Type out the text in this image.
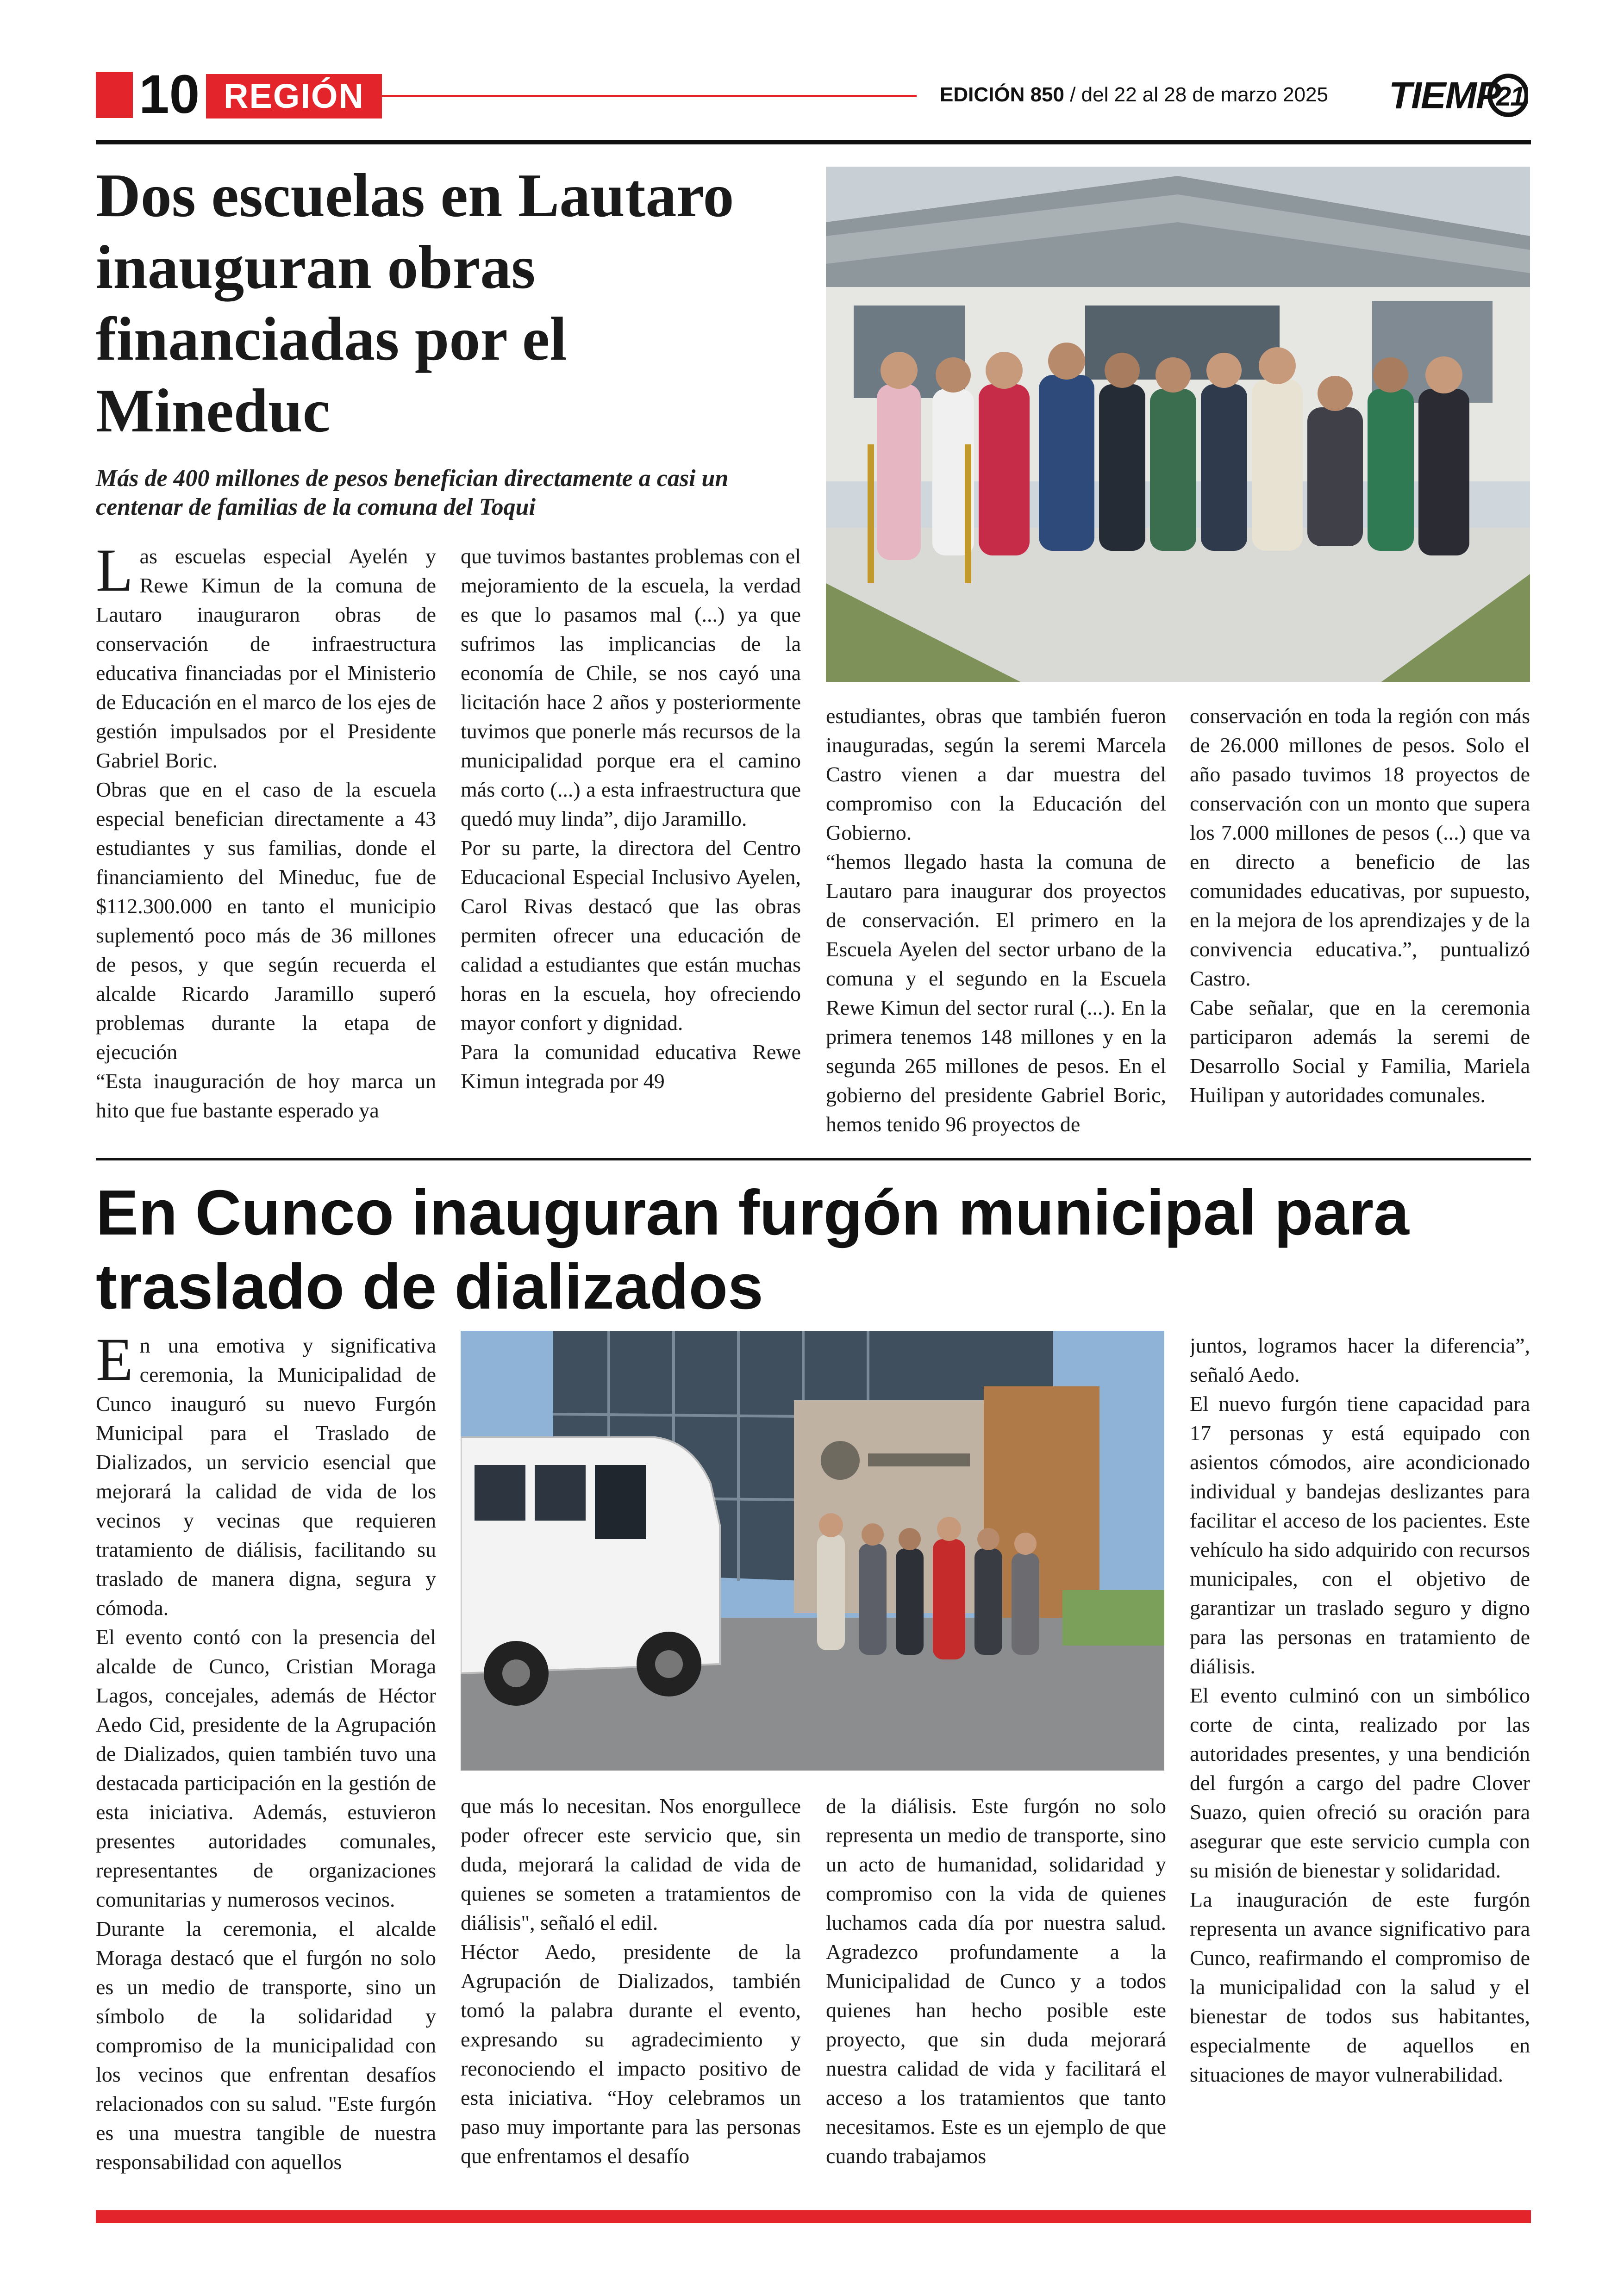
10 REGIÓN	EDICIÓN 850 / del 22 al 28 de marzo 2025 TIEMP
21
Dos escuelas en Lautaro inauguran obras financiadas por el Mineduc

Más de 400 millones de pesos benefician directamente a casi un centenar de familias de la comuna del Toqui

Las escuelas especial Ayelén y Rewe Kimun de la comuna de Lautaro inauguraron obras de conservación de infraestructura educativa financiadas por el Ministerio de Educación en el marco de los ejes de gestión impulsados por el Presidente Gabriel Boric.

Obras que en el caso de la escuela especial benefician directamente a 43 estudiantes y sus familias, donde el financiamiento del Mineduc, fue de $112.300.000 en tanto el municipio suplementó poco más de 36 millones de pesos, y que según recuerda el alcalde Ricardo Jaramillo superó problemas durante la etapa de ejecución

“Esta inauguración de hoy marca un hito que fue bastante esperado ya

que tuvimos bastantes problemas con el mejoramiento de la escuela, la verdad es que lo pasamos mal (...) ya que sufrimos las implicancias de la economía de Chile, se nos cayó una licitación hace 2 años y posteriormente tuvimos que ponerle más recursos de la municipalidad porque era el camino más corto (...) a esta infraestructura que quedó muy linda”, dijo Jaramillo.

Por su parte, la directora del Centro Educacional Especial Inclusivo Ayelen, Carol Rivas destacó que las obras permiten ofrecer una educación de calidad a estudiantes que están muchas horas en la escuela, hoy ofreciendo mayor confort y dignidad.

Para la comunidad educativa Rewe Kimun integrada por 49

estudiantes, obras que también fueron inauguradas, según la seremi Marcela Castro vienen a dar muestra del compromiso con la Educación del Gobierno.

“hemos llegado hasta la comuna de Lautaro para inaugurar dos proyectos de conservación. El primero en la Escuela Ayelen del sector urbano de la comuna y el segundo en la Escuela Rewe Kimun del sector rural (...). En la primera tenemos 148 millones y en la segunda 265 millones de pesos. En el gobierno del presidente Gabriel Boric, hemos tenido 96 proyectos de

conservación en toda la región con más de 26.000 millones de pesos. Solo el año pasado tuvimos 18 proyectos de conservación con un monto que supera los 7.000 millones de pesos (...) que va en directo a beneficio de las comunidades educativas, por supuesto, en la mejora de los aprendizajes y de la convivencia educativa.”, puntualizó Castro.

Cabe señalar, que en la ceremonia participaron además la seremi de Desarrollo Social y Familia, Mariela Huilipan y autoridades comunales.

En Cunco inauguran furgón municipal para traslado de dializados

En una emotiva y significativa ceremonia, la Municipalidad de Cunco inauguró su nuevo Furgón Municipal para el Traslado de Dializados, un servicio esencial que mejorará la calidad de vida de los vecinos y vecinas que requieren tratamiento de diálisis, facilitando su traslado de manera digna, segura y cómoda.

El evento contó con la presencia del alcalde de Cunco, Cristian Moraga Lagos, concejales, además de Héctor Aedo Cid, presidente de la Agrupación de Dializados, quien también tuvo una destacada participación en la gestión de esta iniciativa. Además, estuvieron presentes autoridades comunales, representantes de organizaciones comunitarias y numerosos vecinos.

Durante la ceremonia, el alcalde Moraga destacó que el furgón no solo es un medio de transporte, sino un símbolo de la solidaridad y compromiso de la municipalidad con los vecinos que enfrentan desafíos relacionados con su salud. "Este furgón es una muestra tangible de nuestra responsabilidad con aquellos

que más lo necesitan. Nos enorgullece poder ofrecer este servicio que, sin duda, mejorará la calidad de vida de quienes se someten a tratamientos de diálisis", señaló el edil.

Héctor Aedo, presidente de la Agrupación de Dializados, también tomó la palabra durante el evento, expresando su agradecimiento y reconociendo el impacto positivo de esta iniciativa. “Hoy celebramos un paso muy importante para las personas que enfrentamos el desafío

de la diálisis. Este furgón no solo representa un medio de transporte, sino un acto de humanidad, solidaridad y compromiso con la vida de quienes luchamos cada día por nuestra salud. Agradezco profundamente a la Municipalidad de Cunco y a todos quienes han hecho posible este proyecto, que sin duda mejorará nuestra calidad de vida y facilitará el acceso a los tratamientos que tanto necesitamos. Este es un ejemplo de que cuando trabajamos

juntos, logramos hacer la diferencia”, señaló Aedo.

El nuevo furgón tiene capacidad para 17 personas y está equipado con asientos cómodos, aire acondicionado individual y bandejas deslizantes para facilitar el acceso de los pacientes. Este vehículo ha sido adquirido con recursos municipales, con el objetivo de garantizar un traslado seguro y digno para las personas en tratamiento de diálisis.

El evento culminó con un simbólico corte de cinta, realizado por las autoridades presentes, y una bendición del furgón a cargo del padre Clover Suazo, quien ofreció su oración para asegurar que este servicio cumpla con su misión de bienestar y solidaridad.

La inauguración de este furgón representa un avance significativo para Cunco, reafirmando el compromiso de la municipalidad con la salud y el bienestar de todos sus habitantes, especialmente de aquellos en situaciones de mayor vulnerabilidad.
